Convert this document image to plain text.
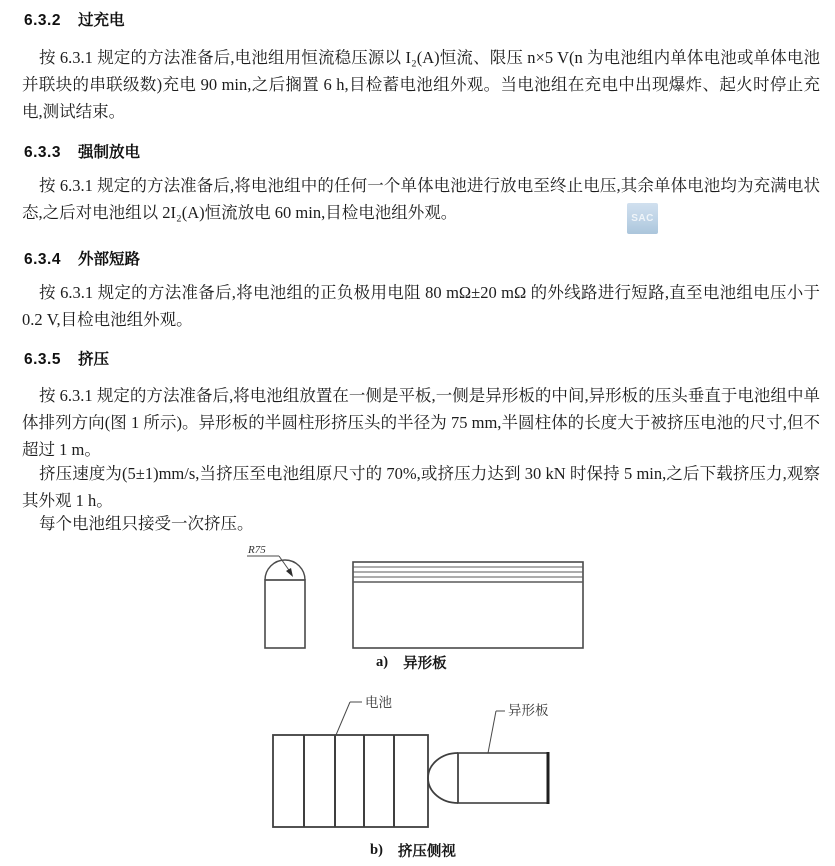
6.3.2 过充电

按 6.3.1 规定的方法准备后,电池组用恒流稳压源以 I₂(A)恒流、限压 n×5 V(n 为电池组内单体电池或单体电池并联块的串联级数)充电 90 min,之后搁置 6 h,目检蓄电池组外观。当电池组在充电中出现爆炸、起火时停止充电,测试结束。

6.3.3 强制放电

按 6.3.1 规定的方法准备后,将电池组中的任何一个单体电池进行放电至终止电压,其余单体电池均为充满电状态,之后对电池组以 2I₂(A)恒流放电 60 min,目检电池组外观。	SAC
6.3.4 外部短路

按 6.3.1 规定的方法准备后,将电池组的正负极用电阻 80 mΩ±20 mΩ 的外线路进行短路,直至电池组电压小于 0.2 V,目检电池组外观。

6.3.5 挤压

按 6.3.1 规定的方法准备后,将电池组放置在一侧是平板,一侧是异形板的中间,异形板的压头垂直于电池组中单体排列方向(图 1 所示)。异形板的半圆柱形挤压头的半径为 75 mm,半圆柱体的长度大于被挤压电池的尺寸,但不超过 1 m。

挤压速度为(5±1)mm/s,当挤压至电池组原尺寸的 70%,或挤压力达到 30 kN 时保持 5 min,之后下载挤压力,观察其外观 1 h。

每个电池组只接受一次挤压。

R75
a) 异形板
电池
异形板
b) 挤压侧视
